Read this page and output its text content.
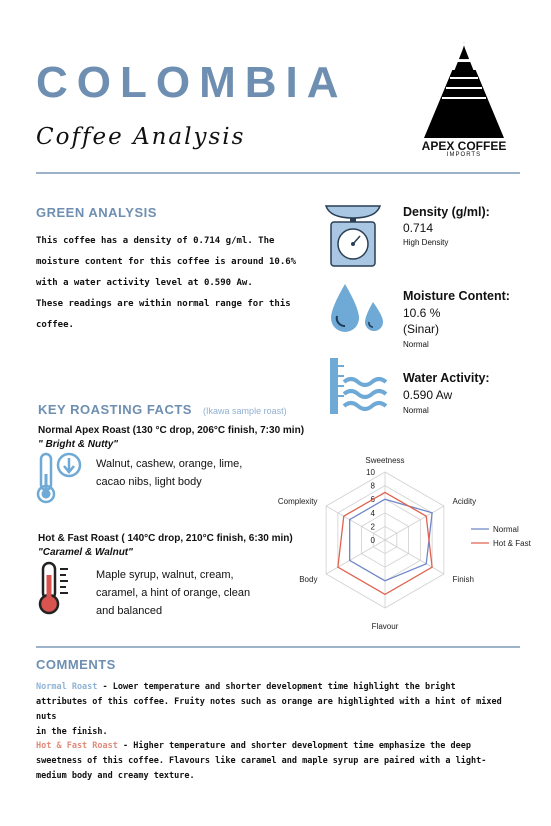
COLOMBIA
Coffee Analysis
A
APEX COFFEE
IMPORTS
GREEN ANALYSIS
This coffee has a density of 0.714 g/ml. The
moisture content for this coffee is around 10.6%
with a water activity level at 0.590 Aw.
These readings are within normal range for this
coffee.
Density (g/ml):
0.714
High Density
Moisture Content:
10.6 %
(Sinar)
Normal
Water Activity:
0.590 Aw
Normal
KEY ROASTING FACTS (Ikawa sample roast)
Normal Apex Roast (130 °C drop, 206°C finish, 7:30 min)
" Bright & Nutty"
Walnut, cashew, orange, lime,
cacao nibs, light body
Hot & Fast Roast ( 140°C drop, 210°C finish, 6:30 min)
"Caramel & Walnut"
Maple syrup, walnut, cream,
caramel, a hint of orange, clean
and balanced
0
2
4
6
8
10
Sweetness
Acidity
Finish
Flavour
Body
Complexity
Normal
Hot & Fast
COMMENTS
Normal Roast - Lower temperature and shorter development time highlight the bright
attributes of this coffee. Fruity notes such as orange are highlighted with a hint of mixed nuts
in the finish.
Hot & Fast Roast - Higher temperature and shorter development time emphasize the deep
sweetness of this coffee. Flavours like caramel and maple syrup are paired with a light-
medium body and creamy texture.
